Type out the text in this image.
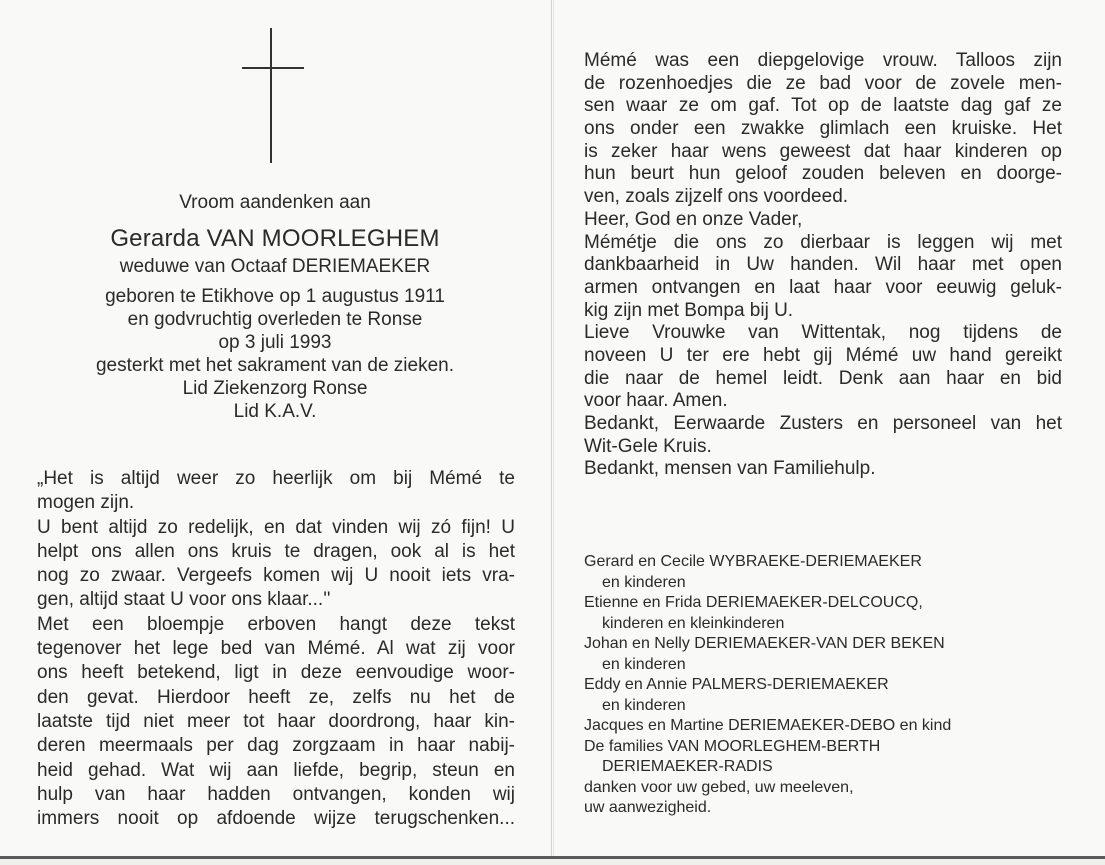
Vroom aandenken aan
Gerarda VAN MOORLEGHEM
weduwe van Octaaf DERIEMAEKER
geboren te Etikhove op 1 augustus 1911
en godvruchtig overleden te Ronse
op 3 juli 1993
gesterkt met het sakrament van de zieken.
Lid Ziekenzorg Ronse
Lid K.A.V.
„Het is altijd weer zo heerlijk om bij Mémé te
mogen zijn.
U bent altijd zo redelijk, en dat vinden wij zó fijn! U
helpt ons allen ons kruis te dragen, ook al is het
nog zo zwaar. Vergeefs komen wij U nooit iets vra-
gen, altijd staat U voor ons klaar...''
Met een bloempje erboven hangt deze tekst
tegenover het lege bed van Mémé. Al wat zij voor
ons heeft betekend, ligt in deze eenvoudige woor-
den gevat. Hierdoor heeft ze, zelfs nu het de
laatste tijd niet meer tot haar doordrong, haar kin-
deren meermaals per dag zorgzaam in haar nabij-
heid gehad. Wat wij aan liefde, begrip, steun en
hulp van haar hadden ontvangen, konden wij
immers nooit op afdoende wijze terugschenken...
Mémé was een diepgelovige vrouw. Talloos zijn
de rozenhoedjes die ze bad voor de zovele men-
sen waar ze om gaf. Tot op de laatste dag gaf ze
ons onder een zwakke glimlach een kruiske. Het
is zeker haar wens geweest dat haar kinderen op
hun beurt hun geloof zouden beleven en doorge-
ven, zoals zijzelf ons voordeed.
Heer, God en onze Vader,
Mémétje die ons zo dierbaar is leggen wij met
dankbaarheid in Uw handen. Wil haar met open
armen ontvangen en laat haar voor eeuwig geluk-
kig zijn met Bompa bij U.
Lieve Vrouwke van Wittentak, nog tijdens de
noveen U ter ere hebt gij Mémé uw hand gereikt
die naar de hemel leidt. Denk aan haar en bid
voor haar. Amen.
Bedankt, Eerwaarde Zusters en personeel van het
Wit-Gele Kruis.
Bedankt, mensen van Familiehulp.
Gerard en Cecile WYBRAEKE-DERIEMAEKER
en kinderen
Etienne en Frida DERIEMAEKER-DELCOUCQ,
kinderen en kleinkinderen
Johan en Nelly DERIEMAEKER-VAN DER BEKEN
en kinderen
Eddy en Annie PALMERS-DERIEMAEKER
en kinderen
Jacques en Martine DERIEMAEKER-DEBO en kind
De families VAN MOORLEGHEM-BERTH
DERIEMAEKER-RADIS
danken voor uw gebed, uw meeleven,
uw aanwezigheid.
